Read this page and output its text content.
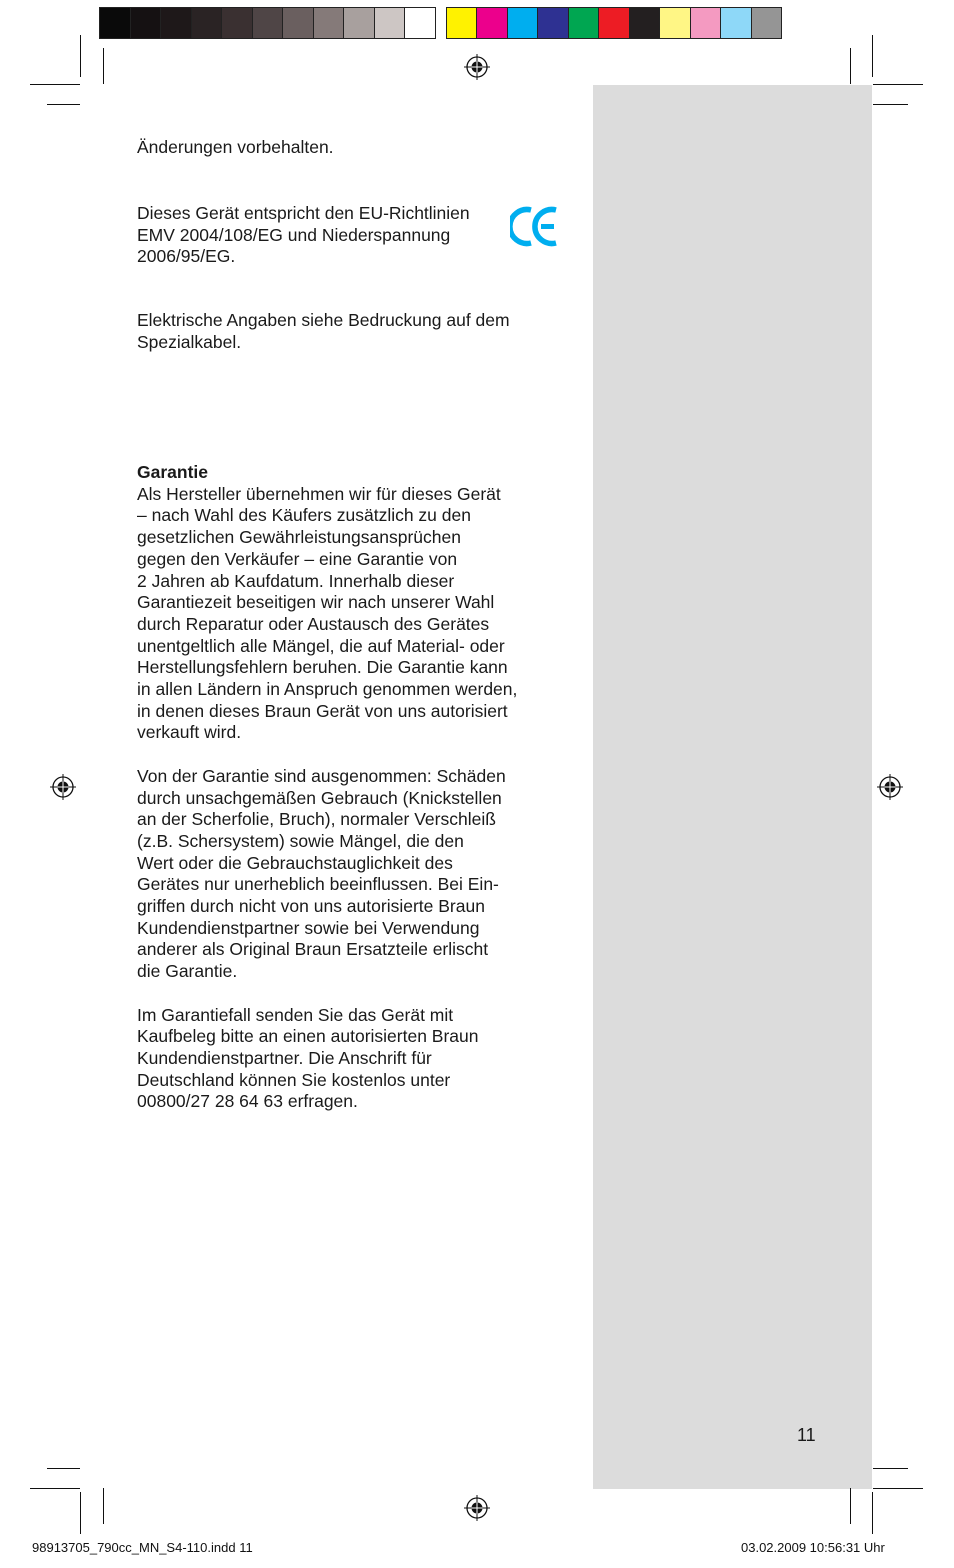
Änderungen vorbehalten.

Dieses Gerät entspricht den EU-Richtlinien
EMV 2004/108/EG und Niederspannung
2006/95/EG.

Elektrische Angaben siehe Bedruckung auf dem
Spezialkabel.

Garantie

Als Hersteller übernehmen wir für dieses Gerät
– nach Wahl des Käufers zusätzlich zu den
gesetzlichen Gewährleistungsansprüchen
gegen den Verkäufer – eine Garantie von
2 Jahren ab Kaufdatum. Innerhalb dieser
Garantiezeit beseitigen wir nach unserer Wahl
durch Reparatur oder Austausch des Gerätes
unentgeltlich alle Mängel, die auf Material- oder
Herstellungsfehlern beruhen. Die Garantie kann
in allen Ländern in Anspruch genommen werden,
in denen dieses Braun Gerät von uns autorisiert
verkauft wird.

Von der Garantie sind ausgenommen: Schäden
durch unsachgemäßen Gebrauch (Knickstellen
an der Scherfolie, Bruch), normaler Verschleiß
(z.B. Schersystem) sowie Mängel, die den
Wert oder die Gebrauchstauglichkeit des
Gerätes nur unerheblich beeinflussen. Bei Ein-
griffen durch nicht von uns autorisierte Braun
Kundendienstpartner sowie bei Verwendung
anderer als Original Braun Ersatzteile erlischt
die Garantie.

Im Garantiefall senden Sie das Gerät mit
Kaufbeleg bitte an einen autorisierten Braun
Kundendienstpartner. Die Anschrift für
Deutschland können Sie kostenlos unter
00800/27 28 64 63 erfragen.

11
98913705_790cc_MN_S4-110.indd 11	03.02.2009 10:56:31 Uhr
